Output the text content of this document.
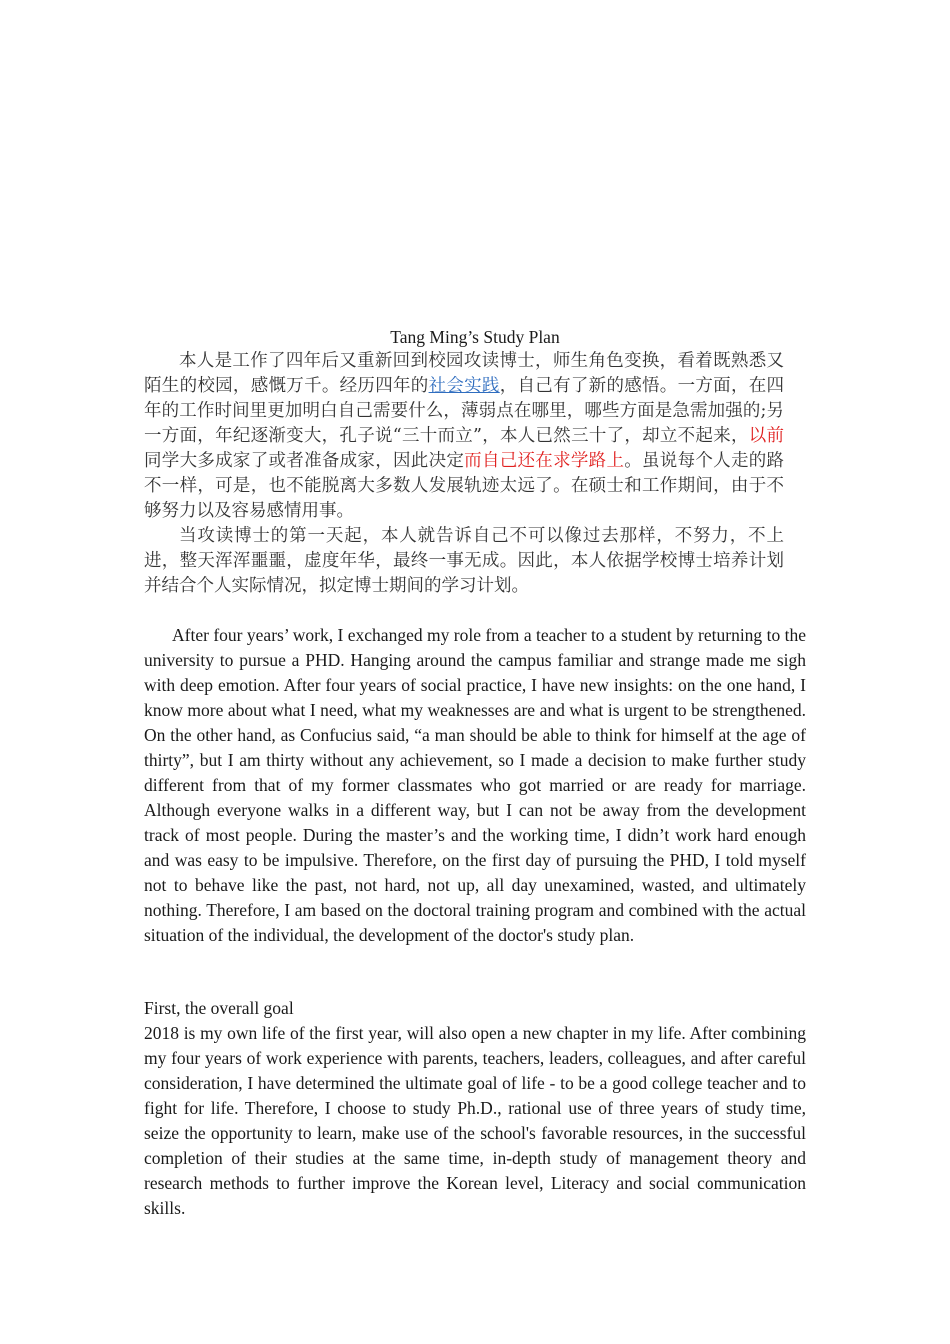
Tang Ming’s Study Plan

本人是工作了四年后又重新回到校园攻读博士，师生角色变换，看着既熟悉又陌生的校园，感慨万千。经历四年的社会实践，自己有了新的感悟。一方面，在四年的工作时间里更加明白自己需要什么，薄弱点在哪里，哪些方面是急需加强的;另一方面，年纪逐渐变大，孔子说“三十而立”，本人已然三十了，却立不起来，以前同学大多成家了或者准备成家，因此决定而自己还在求学路上。虽说每个人走的路不一样，可是，也不能脱离大多数人发展轨迹太远了。在硕士和工作期间，由于不够努力以及容易感情用事。

当攻读博士的第一天起，本人就告诉自己不可以像过去那样，不努力，不上进，整天浑浑噩噩，虚度年华，最终一事无成。因此，本人依据学校博士培养计划并结合个人实际情况，拟定博士期间的学习计划。

After four years’ work, I exchanged my role from a teacher to a student by returning to the university to pursue a PHD. Hanging around the campus familiar and strange made me sigh with deep emotion. After four years of social practice, I have new insights: on the one hand, I know more about what I need, what my weaknesses are and what is urgent to be strengthened. On the other hand, as Confucius said, “a man should be able to think for himself at the age of thirty”, but I am thirty without any achievement, so I made a decision to make further study different from that of my former classmates who got married or are ready for marriage. Although everyone walks in a different way, but I can not be away from the development track of most people. During the master’s and the working time, I didn’t work hard enough and was easy to be impulsive. Therefore, on the first day of pursuing the PHD, I told myself not to behave like the past, not hard, not up, all day unexamined, wasted, and ultimately nothing. Therefore, I am based on the doctoral training program and combined with the actual situation of the individual, the development of the doctor's study plan.

First, the overall goal

2018 is my own life of the first year, will also open a new chapter in my life. After combining my four years of work experience with parents, teachers, leaders, colleagues, and after careful consideration, I have determined the ultimate goal of life - to be a good college teacher and to fight for life. Therefore, I choose to study Ph.D., rational use of three years of study time, seize the opportunity to learn, make use of the school's favorable resources, in the successful completion of their studies at the same time, in-depth study of management theory and research methods to further improve the Korean level, Literacy and social communication skills.
